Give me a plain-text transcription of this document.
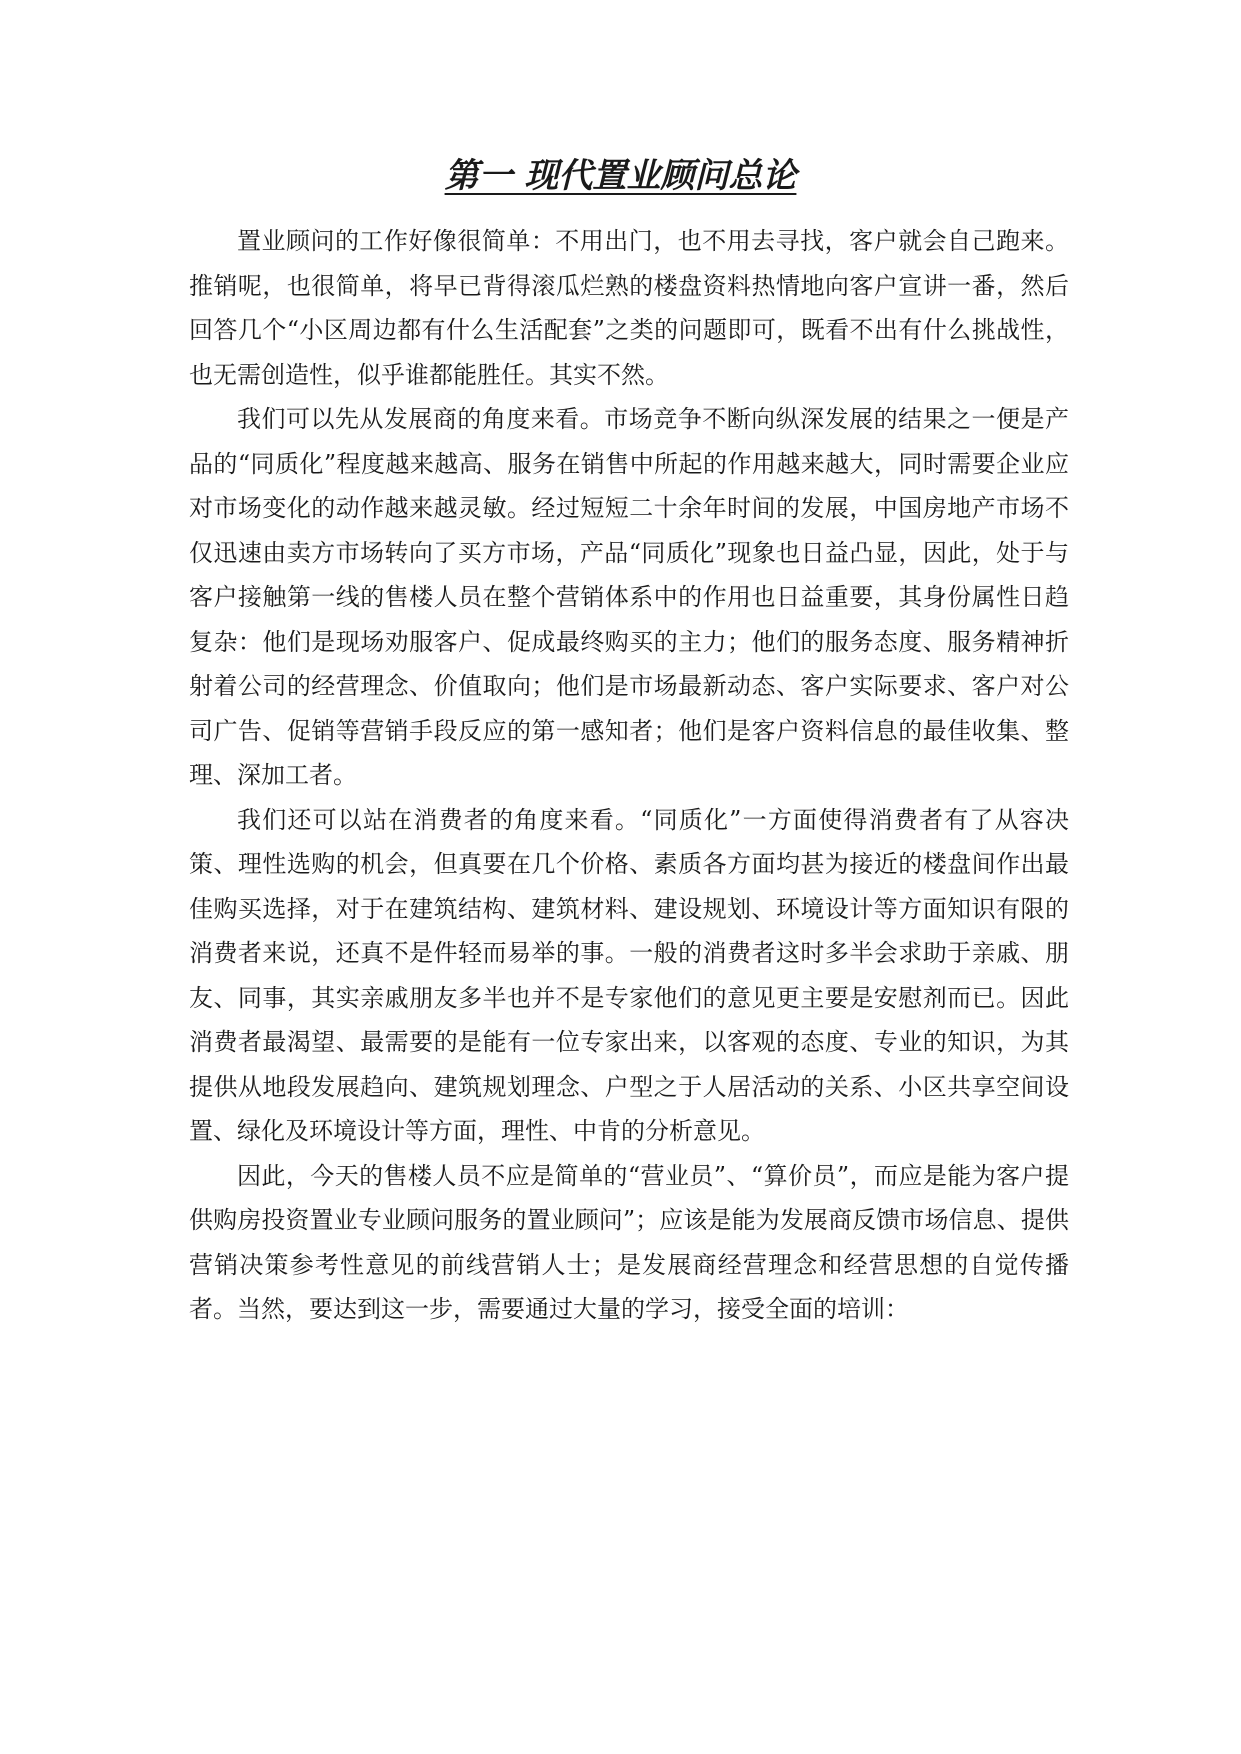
第一 现代置业顾问总论

置业顾问的工作好像很简单：不用出门，也不用去寻找，客户就会自己跑来。推销呢，也很简单，将早已背得滚瓜烂熟的楼盘资料热情地向客户宣讲一番，然后回答几个“小区周边都有什么生活配套”之类的问题即可，既看不出有什么挑战性，也无需创造性，似乎谁都能胜任。其实不然。

我们可以先从发展商的角度来看。市场竞争不断向纵深发展的结果之一便是产品的“同质化”程度越来越高、服务在销售中所起的作用越来越大，同时需要企业应对市场变化的动作越来越灵敏。经过短短二十余年时间的发展，中国房地产市场不仅迅速由卖方市场转向了买方市场，产品“同质化”现象也日益凸显，因此，处于与客户接触第一线的售楼人员在整个营销体系中的作用也日益重要，其身份属性日趋复杂：他们是现场劝服客户、促成最终购买的主力；他们的服务态度、服务精神折射着公司的经营理念、价值取向；他们是市场最新动态、客户实际要求、客户对公司广告、促销等营销手段反应的第一感知者；他们是客户资料信息的最佳收集、整理、深加工者。

我们还可以站在消费者的角度来看。“同质化”一方面使得消费者有了从容决策、理性选购的机会，但真要在几个价格、素质各方面均甚为接近的楼盘间作出最佳购买选择，对于在建筑结构、建筑材料、建设规划、环境设计等方面知识有限的消费者来说，还真不是件轻而易举的事。一般的消费者这时多半会求助于亲戚、朋友、同事，其实亲戚朋友多半也并不是专家他们的意见更主要是安慰剂而已。因此消费者最渴望、最需要的是能有一位专家出来，以客观的态度、专业的知识，为其提供从地段发展趋向、建筑规划理念、户型之于人居活动的关系、小区共享空间设置、绿化及环境设计等方面，理性、中肯的分析意见。

因此，今天的售楼人员不应是简单的“营业员”、“算价员”，而应是能为客户提供购房投资置业专业顾问服务的置业顾问”；应该是能为发展商反馈市场信息、提供营销决策参考性意见的前线营销人士；是发展商经营理念和经营思想的自觉传播者。当然，要达到这一步，需要通过大量的学习，接受全面的培训：
